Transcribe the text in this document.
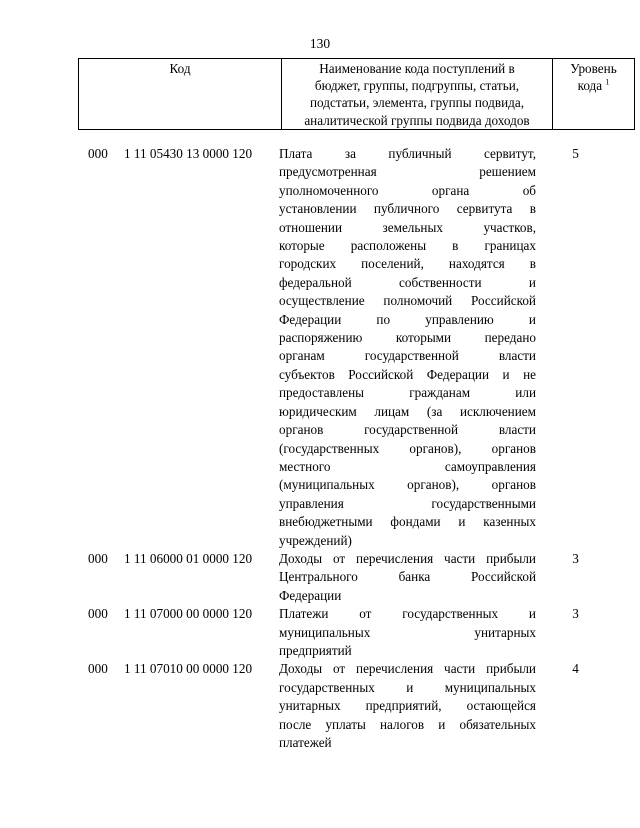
130
Код	Наименование кода поступлений в
бюджет, группы, подгруппы, статьи,
подстатьи, элемента, группы подвида,
аналитической группы подвида доходов	Уровень
кода $^1$
000	1 11 05430 13 0000 120	Плата за публичный сервитут,
предусмотренная решением
уполномоченного органа об
установлении публичного сервитута в
отношении земельных участков,
которые расположены в границах
городских поселений, находятся в
федеральной собственности и
осуществление полномочий Российской
Федерации по управлению и
распоряжению которыми передано
органам государственной власти
субъектов Российской Федерации и не
предоставлены гражданам или
юридическим лицам (за исключением
органов государственной власти
(государственных органов), органов
местного самоуправления
(муниципальных органов), органов
управления государственными
внебюджетными фондами и казенных
учреждений)
5
000	1 11 06000 01 0000 120	Доходы от перечисления части прибыли
Центрального банка Российской
Федерации
3
000	1 11 07000 00 0000 120	Платежи от государственных и
муниципальных унитарных
предприятий
3
000	1 11 07010 00 0000 120	Доходы от перечисления части прибыли
государственных и муниципальных
унитарных предприятий, остающейся
после уплаты налогов и обязательных
платежей
4
